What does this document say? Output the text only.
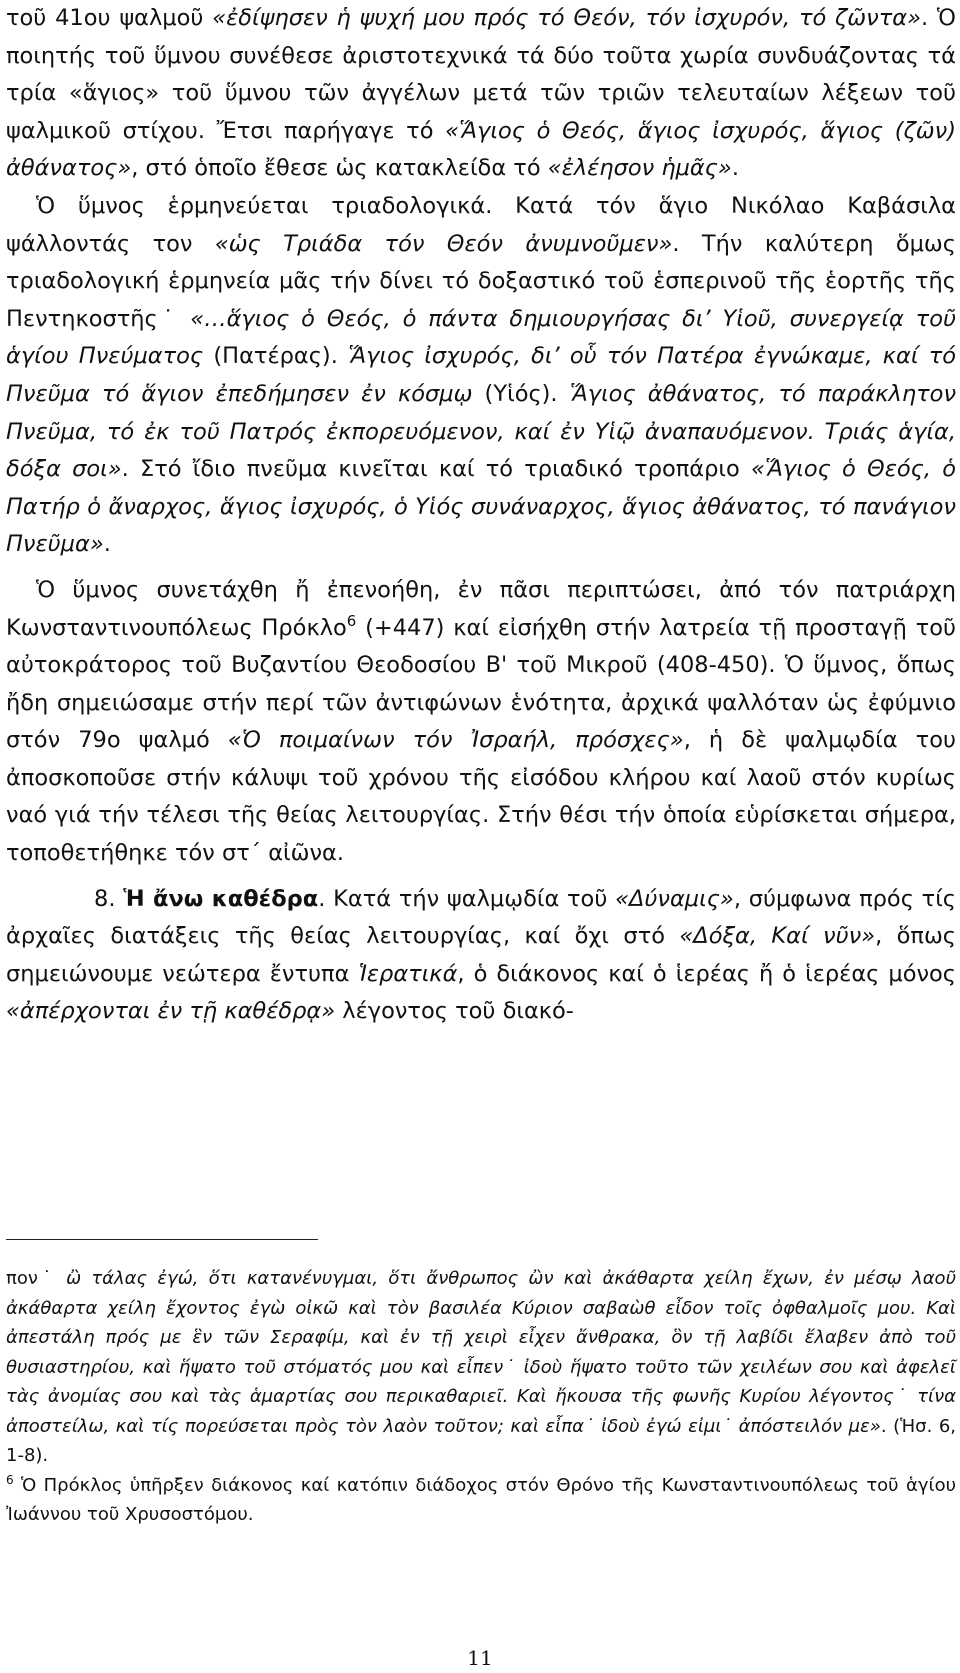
τοῦ 41ου ψαλμοῦ «ἐδίψησεν ἡ ψυχή μου πρός τό Θεόν, τόν ἰσχυρόν, τό ζῶντα». Ὁ ποιητής τοῦ ὕμνου συνέθεσε ἀριστοτεχνικά τά δύο τοῦτα χωρία συνδυάζοντας τά τρία «ἅγιος» τοῦ ὕμνου τῶν ἀγγέλων μετά τῶν τριῶν τελευταίων λέξεων τοῦ ψαλμικοῦ στίχου. Ἔτσι παρήγαγε τό «Ἅγιος ὁ Θεός, ἅγιος ἰσχυρός, ἅγιος (ζῶν) ἀθάνατος», στό ὁποῖο ἔθεσε ὡς κατακλείδα τό «ἐλέησον ἡμᾶς».

Ὁ ὕμνος ἑρμηνεύεται τριαδολογικά. Κατά τόν ἅγιο Νικόλαο Καβάσιλα ψάλλοντάς τον «ὡς Τριάδα τόν Θεόν ἀνυμνοῦμεν». Τήν καλύτερη ὅμως τριαδολογική ἑρμηνεία μᾶς τήν δίνει τό δοξαστικό τοῦ ἑσπερινοῦ τῆς ἑορτῆς τῆς Πεντηκοστῆς˙ «…ἅγιος ὁ Θεός, ὁ πάντα δημιουργήσας δι’ Υἱοῦ, συνεργείᾳ τοῦ ἁγίου Πνεύματος (Πατέρας). Ἅγιος ἰσχυρός, δι’ οὗ τόν Πατέρα ἐγνώκαμε, καί τό Πνεῦμα τό ἅγιον ἐπεδήμησεν ἐν κόσμῳ (Υἱός). Ἅγιος ἀθάνατος, τό παράκλητον Πνεῦμα, τό ἐκ τοῦ Πατρός ἐκπορευόμενον, καί ἐν Υἱῷ ἀναπαυόμενον. Τριάς ἁγία, δόξα σοι». Στό ἴδιο πνεῦμα κινεῖται καί τό τριαδικό τροπάριο «Ἅγιος ὁ Θεός, ὁ Πατήρ ὁ ἄναρχος, ἅγιος ἰσχυρός, ὁ Υἱός συνάναρχος, ἅγιος ἀθάνατος, τό πανάγιον Πνεῦμα».

Ὁ ὕμνος συνετάχθη ἤ ἐπενοήθη, ἐν πᾶσι περιπτώσει, ἀπό τόν πατριάρχη Κωνσταντινουπόλεως Πρόκλο$^6$ (+447) καί εἰσήχθη στήν λατρεία τῇ προσταγῇ τοῦ αὐτοκράτορος τοῦ Βυζαντίου Θεοδοσίου Β' τοῦ Μικροῦ (408-450). Ὁ ὕμνος, ὅπως ἤδη σημειώσαμε στήν περί τῶν ἀντιφώνων ἑνότητα, ἀρχικά ψαλλόταν ὡς ἐφύμνιο στόν 79ο ψαλμό «Ὁ ποιμαίνων τόν Ἰσραήλ, πρόσχες», ἡ δὲ ψαλμῳδία του ἀποσκοποῦσε στήν κάλυψι τοῦ χρόνου τῆς εἰσόδου κλήρου καί λαοῦ στόν κυρίως ναό γιά τήν τέλεσι τῆς θείας λειτουργίας. Στήν θέσι τήν ὁποία εὑρίσκεται σήμερα, τοποθετήθηκε τόν στ΄ αἰῶνα.

8. Ἡ ἄνω καθέδρα. Κατά τήν ψαλμῳδία τοῦ «Δύναμις», σύμφωνα πρός τίς ἀρχαῖες διατάξεις τῆς θείας λειτουργίας, καί ὄχι στό «Δόξα, Καί νῦν», ὅπως σημειώνουμε νεώτερα ἔντυπα Ἱερατικά, ὁ διάκονος καί ὁ ἱερέας ἤ ὁ ἱερέας μόνος «ἀπέρχονται ἐν τῇ καθέδρᾳ» λέγοντος τοῦ διακό-

πον˙ ὢ τάλας ἐγώ, ὅτι κατανένυγμαι, ὅτι ἄνθρωπος ὢν καὶ ἀκάθαρτα χείλη ἔχων, ἐν μέσῳ λαοῦ ἀκάθαρτα χείλη ἔχοντος ἐγὼ οἰκῶ καὶ τὸν βασιλέα Κύριον σαβαὼθ εἶδον τοῖς ὀφθαλμοῖς μου. Καὶ ἀπεστάλη πρός με ἓν τῶν Σεραφίμ, καὶ ἐν τῇ χειρὶ εἶχεν ἄνθρακα, ὃν τῇ λαβίδι ἔλαβεν ἀπὸ τοῦ θυσιαστηρίου, καὶ ἥψατο τοῦ στόματός μου καὶ εἶπεν˙ ἰδοὺ ἥψατο τοῦτο τῶν χειλέων σου καὶ ἀφελεῖ τὰς ἀνομίας σου καὶ τὰς ἁμαρτίας σου περικαθαριεῖ. Καὶ ἤκουσα τῆς φωνῆς Κυρίου λέγοντος˙ τίνα ἀποστείλω, καὶ τίς πορεύσεται πρὸς τὸν λαὸν τοῦτον; καὶ εἶπα˙ ἰδοὺ ἐγώ εἰμι˙ ἀπόστειλόν με». (Ἡσ. 6, 1-8).

$^6$ Ὁ Πρόκλος ὑπῆρξεν διάκονος καί κατόπιν διάδοχος στόν Θρόνο τῆς Κωνσταντινουπόλεως τοῦ ἁγίου Ἰωάννου τοῦ Χρυσοστόμου.

11
